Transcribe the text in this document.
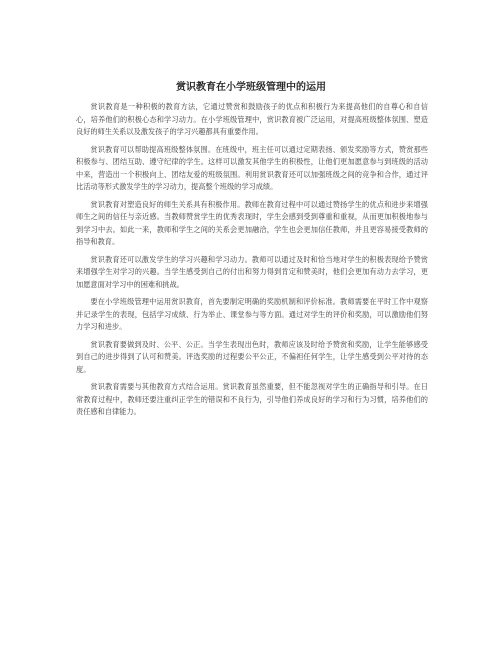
赏识教育在小学班级管理中的运用

赏识教育是一种积极的教育方法，它通过赞赏和鼓励孩子的优点和积极行为来提高他们的自尊心和自信心，培养他们的积极心态和学习动力。在小学班级管理中，赏识教育被广泛运用，对提高班级整体氛围、塑造良好的师生关系以及激发孩子的学习兴趣都具有重要作用。

赏识教育可以帮助提高班级整体氛围。在班级中，班主任可以通过定期表扬、颁发奖励等方式，赞赏那些积极参与、团结互助、遵守纪律的学生。这样可以激发其他学生的积极性，让他们更加愿意参与到班级的活动中来，营造出一个积极向上、团结友爱的班级氛围。利用赏识教育还可以加强班级之间的竞争和合作，通过评比活动等形式激发学生的学习动力，提高整个班级的学习成绩。

赏识教育对塑造良好的师生关系具有积极作用。教师在教育过程中可以通过赞扬学生的优点和进步来增强师生之间的信任与亲近感。当教师赞赏学生的优秀表现时，学生会感到受到尊重和重视，从而更加积极地参与到学习中去。如此一来，教师和学生之间的关系会更加融洽，学生也会更加信任教师，并且更容易接受教师的指导和教育。

赏识教育还可以激发学生的学习兴趣和学习动力。教师可以通过及时和恰当地对学生的积极表现给予赞赏来增强学生对学习的兴趣。当学生感受到自己的付出和努力得到肯定和赞美时，他们会更加有动力去学习，更加愿意面对学习中的困难和挑战。

要在小学班级管理中运用赏识教育，首先要制定明确的奖励机制和评价标准。教师需要在平时工作中观察并记录学生的表现，包括学习成绩、行为举止、课堂参与等方面。通过对学生的评价和奖励，可以激励他们努力学习和进步。

赏识教育要做到及时、公平、公正。当学生表现出色时，教师应该及时给予赞赏和奖励，让学生能够感受到自己的进步得到了认可和赞美。评选奖励的过程要公平公正，不偏袒任何学生，让学生感受到公平对待的态度。

赏识教育需要与其他教育方式结合运用。赏识教育虽然重要，但不能忽视对学生的正确指导和引导。在日常教育过程中，教师还要注重纠正学生的错误和不良行为，引导他们养成良好的学习和行为习惯，培养他们的责任感和自律能力。
